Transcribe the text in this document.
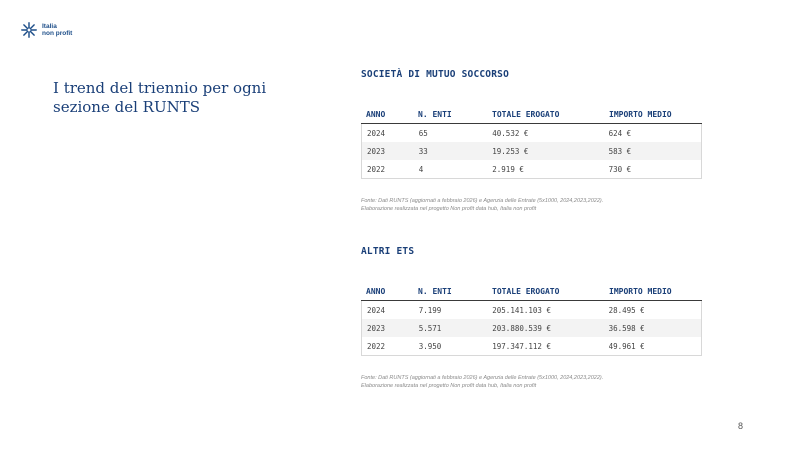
Italia
non profit
I trend del triennio per ogni sezione del RUNTS
SOCIETÀ DI MUTUO SOCCORSO
ANNO	N. ENTI	TOTALE EROGATO	IMPORTO MEDIO
2024	65	40.532 €	624 €
2023	33	19.253 €	583 €
2022	4	2.919 €	730 €

Fonte: Dati RUNTS (aggiornati a febbraio 2026) e Agenzia delle Entrate (5x1000, 2024,2023,2022).
Elaborazione realizzata nel progetto Non profit data hub, Italia non profit

ALTRI ETS
ANNO	N. ENTI	TOTALE EROGATO	IMPORTO MEDIO
2024	7.199	205.141.103 €	28.495 €
2023	5.571	203.880.539 €	36.598 €
2022	3.950	197.347.112 €	49.961 €

Fonte: Dati RUNTS (aggiornati a febbraio 2026) e Agenzia delle Entrate (5x1000, 2024,2023,2022).
Elaborazione realizzata nel progetto Non profit data hub, Italia non profit

8
